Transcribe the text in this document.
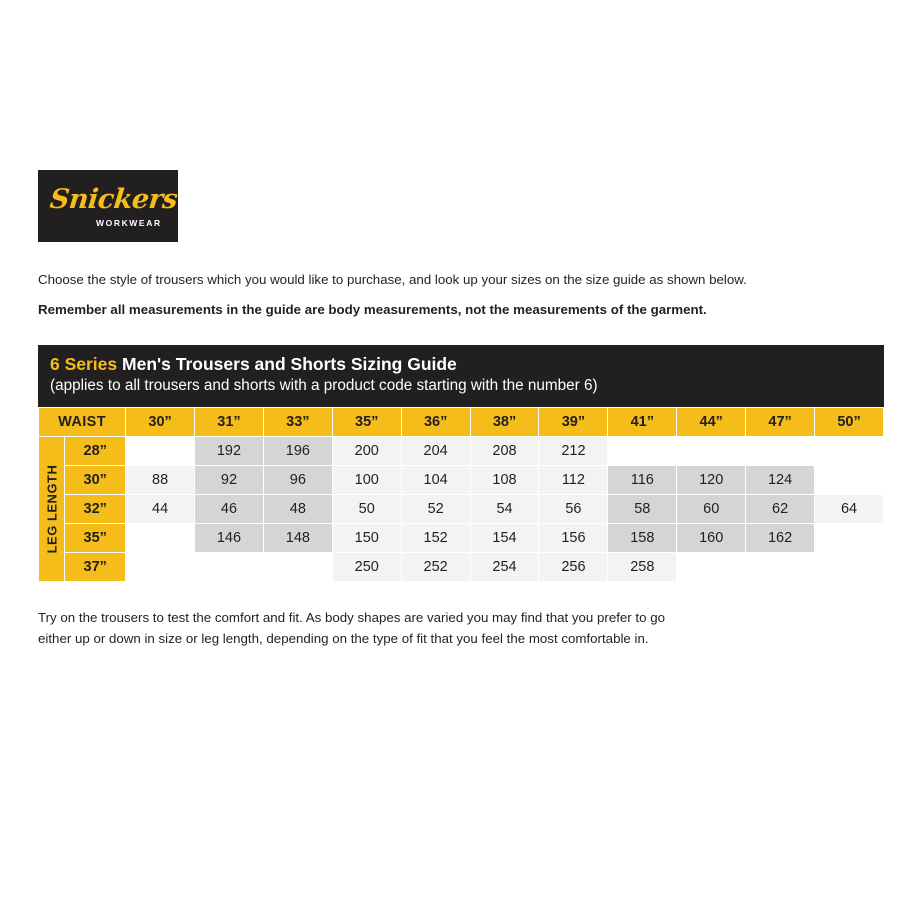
Snickers
WORKWEAR
Choose the style of trousers which you would like to purchase, and look up your sizes on the size guide as shown below.
Remember all measurements in the guide are body measurements, not the measurements of the garment.
6 Series Men's Trousers and Shorts Sizing Guide
(applies to all trousers and shorts with a product code starting with the number 6)
WAIST		30”	31”	33”	35”	36”	38”	39”	41”	44”	47”	50”

LEG LENGTH	28”		192	196	200	204	208	212				
	30”	88	92	96	100	104	108	112	116	120	124	
	32”	44	46	48	50	52	54	56	58	60	62	64
	35”		146	148	150	152	154	156	158	160	162	
	37”				250	252	254	256	258			
Try on the trousers to test the comfort and fit. As body shapes are varied you may find that you prefer to go
either up or down in size or leg length, depending on the type of fit that you feel the most comfortable in.
